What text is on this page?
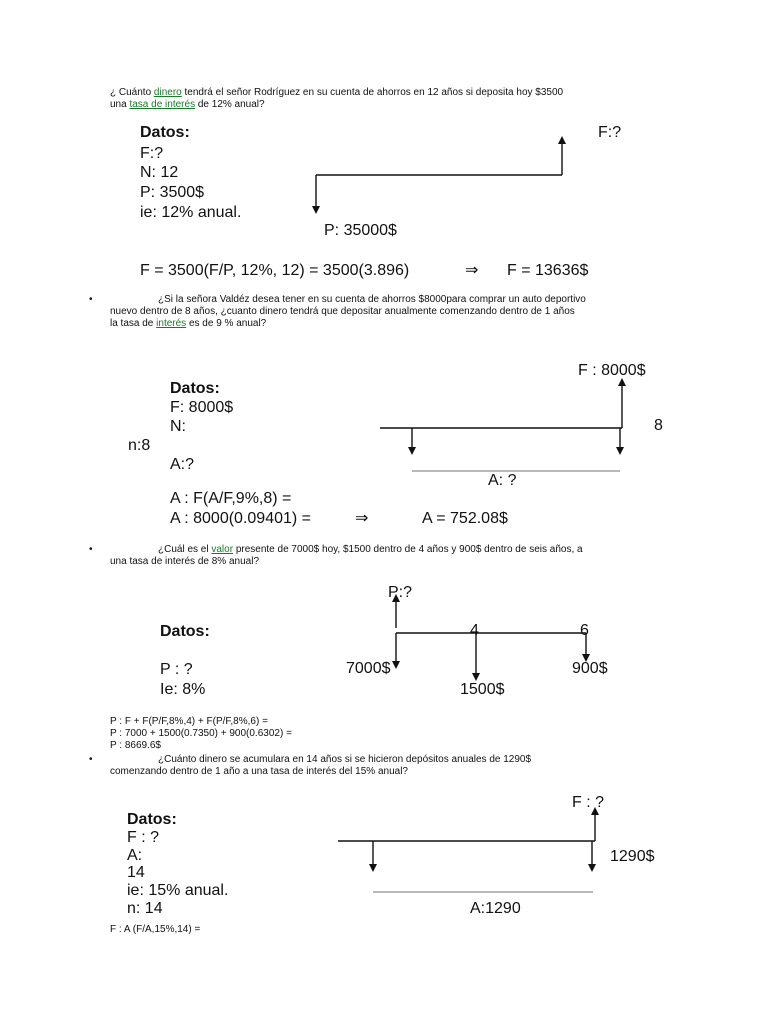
¿ Cuánto dinero tendrá el señor Rodríguez en su cuenta de ahorros en 12 años si deposita hoy $3500
una tasa de interés de 12% anual?
Datos:
F:?
N: 12
P: 3500$
ie: 12% anual.
F:?
P: 35000$
F = 3500(F/P, 12%, 12) = 3500(3.896)	⇒ F = 13636$
•	¿Si la señora Valdéz desea tener en su cuenta de ahorros $8000para comprar un auto deportivo
nuevo dentro de 8 años, ¿cuanto dinero tendrá que depositar anualmente comenzando dentro de 1 años
la tasa de interés es de 9 % anual?
Datos:
F: 8000$
N:
n:8
A:?
A : F(A/F,9%,8) =
A : 8000(0.09401) =	⇒	A = 752.08$
F : 8000$
8
A: ?
•	¿Cuál es el valor presente de 7000$ hoy, $1500 dentro de 4 años y 900$ dentro de seis años, a
una tasa de interés de 8% anual?
P:?
4	6
7000$	900$
1500$
Datos:
P : ?
Ie: 8%
P : F + F(P/F,8%,4) + F(P/F,8%,6) =
P : 7000 + 1500(0.7350) + 900(0.6302) =
P : 8669.6$
•	¿Cuánto dinero se acumulara en 14 años si se hicieron depósitos anuales de 1290$
comenzando dentro de 1 año a una tasa de interés del 15% anual?
Datos:
F : ?
A:
14
ie: 15% anual.
n: 14
F : ?
1290$
A:1290
F : A (F/A,15%,14) =
